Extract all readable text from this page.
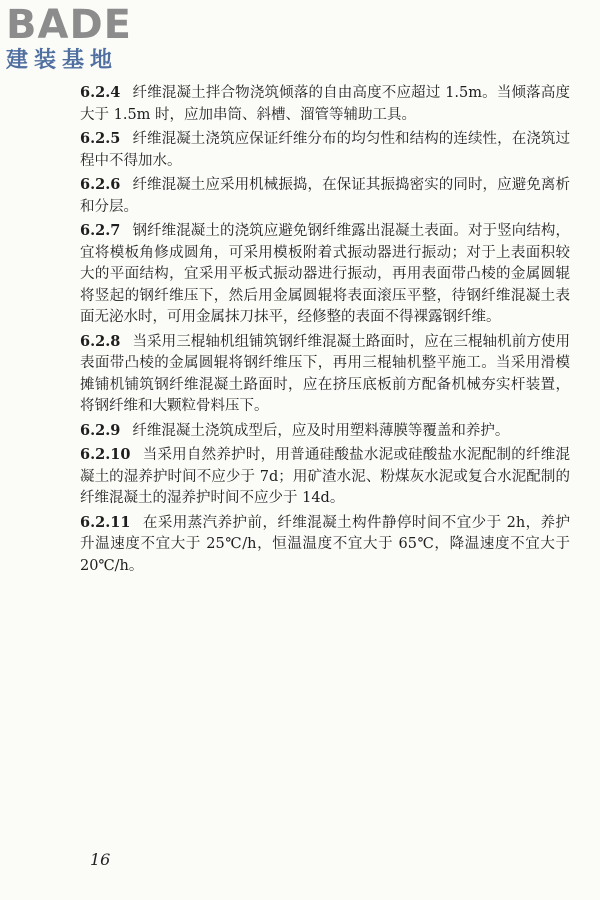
BADE
建装基地

6.2.4 纤维混凝土拌合物浇筑倾落的自由高度不应超过 1.5m。当倾落高度大于 1.5m 时，应加串筒、斜槽、溜管等辅助工具。

6.2.5 纤维混凝土浇筑应保证纤维分布的均匀性和结构的连续性，在浇筑过程中不得加水。

6.2.6 纤维混凝土应采用机械振捣，在保证其振捣密实的同时，应避免离析和分层。

6.2.7 钢纤维混凝土的浇筑应避免钢纤维露出混凝土表面。对于竖向结构，宜将模板角修成圆角，可采用模板附着式振动器进行振动；对于上表面积较大的平面结构，宜采用平板式振动器进行振动，再用表面带凸棱的金属圆辊将竖起的钢纤维压下，然后用金属圆辊将表面滚压平整，待钢纤维混凝土表面无泌水时，可用金属抹刀抹平，经修整的表面不得裸露钢纤维。

6.2.8 当采用三棍轴机组铺筑钢纤维混凝土路面时，应在三棍轴机前方使用表面带凸棱的金属圆辊将钢纤维压下，再用三棍轴机整平施工。当采用滑模摊铺机铺筑钢纤维混凝土路面时，应在挤压底板前方配备机械夯实杆装置，将钢纤维和大颗粒骨料压下。

6.2.9 纤维混凝土浇筑成型后，应及时用塑料薄膜等覆盖和养护。

6.2.10 当采用自然养护时，用普通硅酸盐水泥或硅酸盐水泥配制的纤维混凝土的湿养护时间不应少于 7d；用矿渣水泥、粉煤灰水泥或复合水泥配制的纤维混凝土的湿养护时间不应少于 14d。

6.2.11 在采用蒸汽养护前，纤维混凝土构件静停时间不宜少于 2h，养护升温速度不宜大于 25℃/h，恒温温度不宜大于 65℃，降温速度不宜大于 20℃/h。

16
